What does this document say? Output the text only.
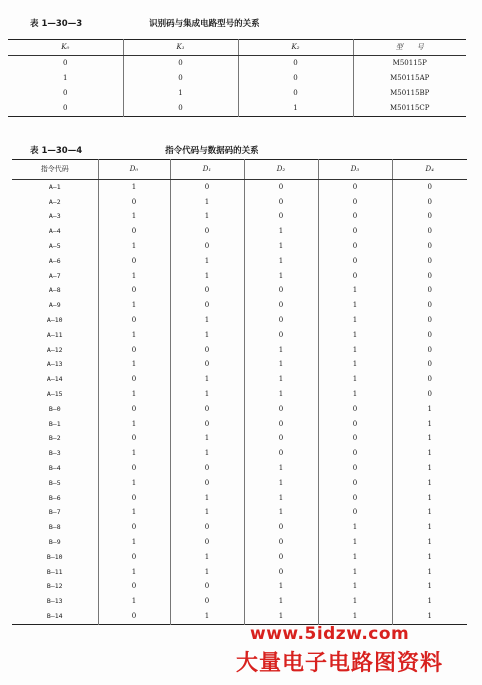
表 1—30—3	识别码与集成电路型号的关系
K₀	K₁	K₂	型　　号
0	0	0	M50115P
1	0	0	M50115AP
0	1	0	M50115BP
0	0	1	M50115CP
表 1—30—4	指令代码与数据码的关系
指令代码	D₀	D₁	D₂	D₃	D₄
A—1	1	0	0	0	0
A—2	0	1	0	0	0
A—3	1	1	0	0	0
A—4	0	0	1	0	0
A—5	1	0	1	0	0
A—6	0	1	1	0	0
A—7	1	1	1	0	0
A—8	0	0	0	1	0
A—9	1	0	0	1	0
A—10	0	1	0	1	0
A—11	1	1	0	1	0
A—12	0	0	1	1	0
A—13	1	0	1	1	0
A—14	0	1	1	1	0
A—15	1	1	1	1	0
B—0	0	0	0	0	1
B—1	1	0	0	0	1
B—2	0	1	0	0	1
B—3	1	1	0	0	1
B—4	0	0	1	0	1
B—5	1	0	1	0	1
B—6	0	1	1	0	1
B—7	1	1	1	0	1
B—8	0	0	0	1	1
B—9	1	0	0	1	1
B—10	0	1	0	1	1
B—11	1	1	0	1	1
B—12	0	0	1	1	1
B—13	1	0	1	1	1
B—14	0	1	1	1	1
www.5idzw.com
大量电子电路图资料
